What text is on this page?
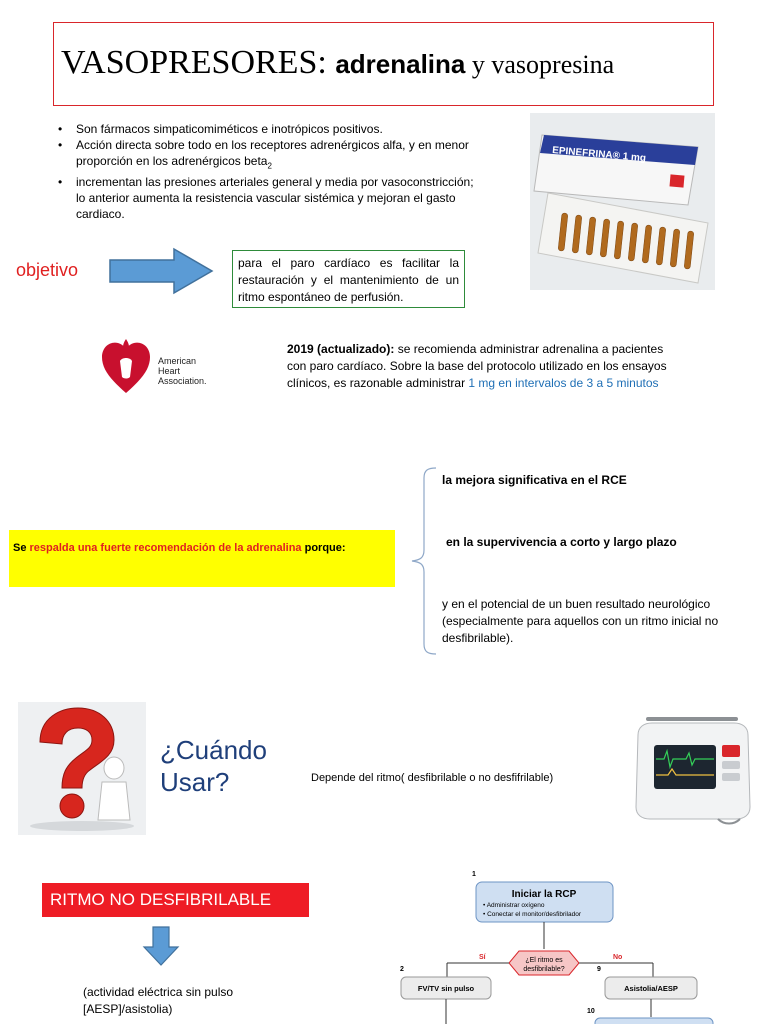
VASOPRESORES: adrenalina y vasopresina
• Son fármacos simpaticomiméticos e inotrópicos positivos.
• Acción directa sobre todo en los receptores adrenérgicos alfa, y en menor proporción en los adrenérgicos beta$_2$
• incrementan las presiones arteriales general y media por vasoconstricción; lo anterior aumenta la resistencia vascular sistémica y mejoran el gasto cardiaco.
EPINEFRINA® 1 mg
objetivo	para el paro cardíaco es facilitar la restauración y el mantenimiento de un ritmo espontáneo de perfusión.
American
Heart
Association.
2019 (actualizado): se recomienda administrar adrenalina a pacientes con paro cardíaco. Sobre la base del protocolo utilizado en los ensayos clínicos, es razonable administrar 1 mg en intervalos de 3 a 5 minutos
Se respalda una fuerte recomendación de la adrenalina porque:
la mejora significativa en el RCE
en la supervivencia a corto y largo plazo
y en el potencial de un buen resultado neurológico (especialmente para aquellos con un ritmo inicial no desfibrilable).
¿Cuándo
Usar?	Depende del ritmo( desfibrilable o no desfifrilable)
RITMO NO DESFIBRILABLE
(actividad eléctrica sin pulso
[AESP]/asistolia)
1
Iniciar la RCP
• Administrar oxígeno
• Conectar el monitor/desfibrilador
¿El ritmo es
desfibrilable?
Sí	No
2
FV/TV sin pulso
9
Asistolia/AESP
10
